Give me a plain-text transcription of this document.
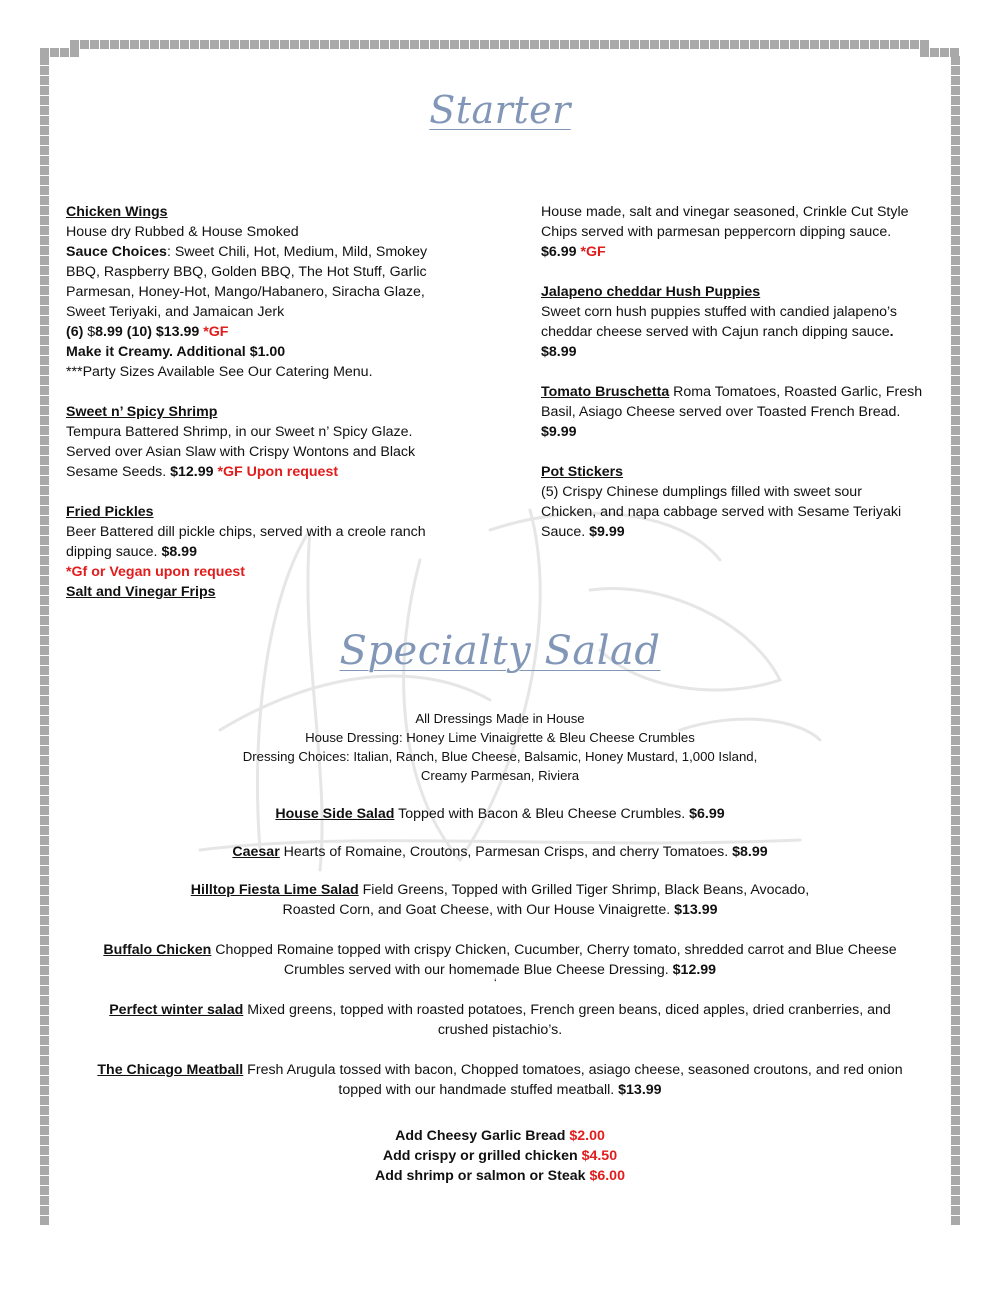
Starter
Chicken Wings
House dry Rubbed & House Smoked
Sauce Choices: Sweet Chili, Hot, Medium, Mild, Smokey
BBQ, Raspberry BBQ, Golden BBQ, The Hot Stuff, Garlic
Parmesan, Honey-Hot, Mango/Habanero, Siracha Glaze,
Sweet Teriyaki, and Jamaican Jerk
(6) $8.99 (10) $13.99 *GF
Make it Creamy. Additional $1.00
***Party Sizes Available See Our Catering Menu.
Sweet n’ Spicy Shrimp
Tempura Battered Shrimp, in our Sweet n’ Spicy Glaze.
Served over Asian Slaw with Crispy Wontons and Black
Sesame Seeds. $12.99 *GF Upon request
Fried Pickles
Beer Battered dill pickle chips, served with a creole ranch
dipping sauce. $8.99
*Gf or Vegan upon request
Salt and Vinegar Frips
House made, salt and vinegar seasoned, Crinkle Cut Style
Chips served with parmesan peppercorn dipping sauce.
$6.99 *GF
Jalapeno cheddar Hush Puppies
Sweet corn hush puppies stuffed with candied jalapeno’s
cheddar cheese served with Cajun ranch dipping sauce.
$8.99
Tomato Bruschetta Roma Tomatoes, Roasted Garlic, Fresh
Basil, Asiago Cheese served over Toasted French Bread.
$9.99
Pot Stickers
(5) Crispy Chinese dumplings filled with sweet sour
Chicken, and napa cabbage served with Sesame Teriyaki
Sauce. $9.99
Specialty Salad
All Dressings Made in House
House Dressing: Honey Lime Vinaigrette & Bleu Cheese Crumbles
Dressing Choices: Italian, Ranch, Blue Cheese, Balsamic, Honey Mustard, 1,000 Island,
Creamy Parmesan, Riviera
House Side Salad Topped with Bacon & Bleu Cheese Crumbles. $6.99
Caesar Hearts of Romaine, Croutons, Parmesan Crisps, and cherry Tomatoes. $8.99
Hilltop Fiesta Lime Salad Field Greens, Topped with Grilled Tiger Shrimp, Black Beans, Avocado,
Roasted Corn, and Goat Cheese, with Our House Vinaigrette. $13.99
Buffalo Chicken Chopped Romaine topped with crispy Chicken, Cucumber, Cherry tomato, shredded carrot and Blue Cheese
Crumbles served with our homemade Blue Cheese Dressing. $12.99
‘
Perfect winter salad Mixed greens, topped with roasted potatoes, French green beans, diced apples, dried cranberries, and
crushed pistachio’s.
The Chicago Meatball Fresh Arugula tossed with bacon, Chopped tomatoes, asiago cheese, seasoned croutons, and red onion
topped with our handmade stuffed meatball. $13.99
Add Cheesy Garlic Bread $2.00
Add crispy or grilled chicken $4.50
Add shrimp or salmon or Steak $6.00
